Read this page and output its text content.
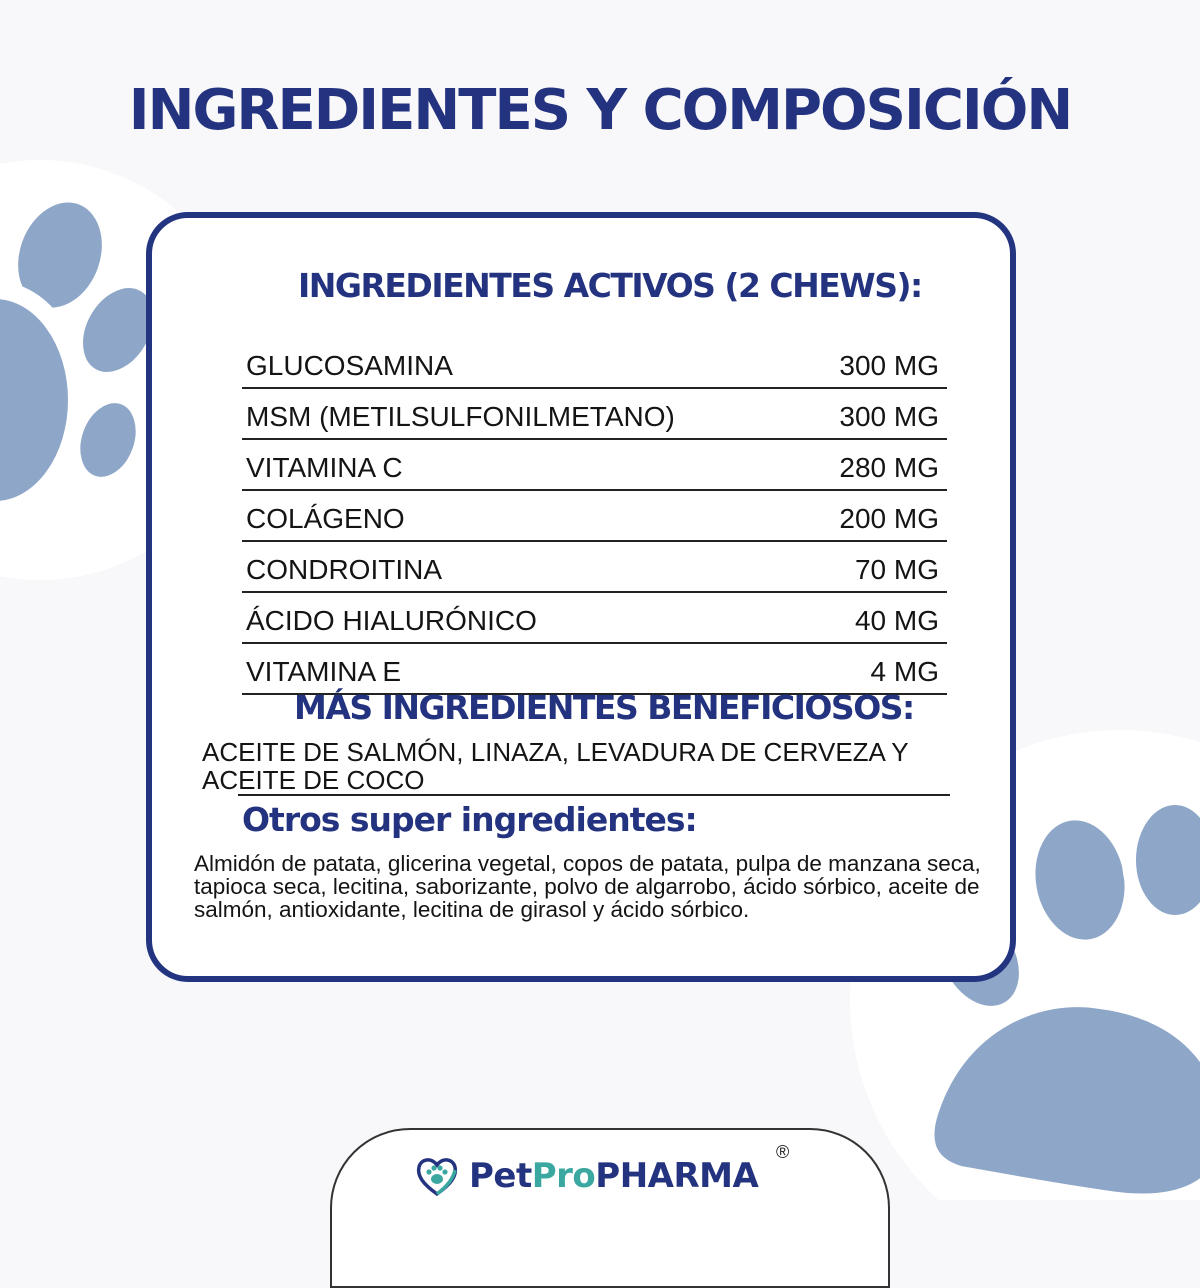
INGREDIENTES Y COMPOSICIÓN
INGREDIENTES ACTIVOS (2 CHEWS):
GLUCOSAMINA	300 MG
MSM (METILSULFONILMETANO)	300 MG
VITAMINA C	280 MG
COLÁGENO	200 MG
CONDROITINA	70 MG
ÁCIDO HIALURÓNICO	40 MG
VITAMINA E	4 MG
MÁS INGREDIENTES BENEFICIOSOS:
ACEITE DE SALMÓN, LINAZA, LEVADURA DE CERVEZA Y ACEITE DE COCO
Otros super ingredientes:
Almidón de patata, glicerina vegetal, copos de patata, pulpa de manzana seca, tapioca seca, lecitina, saborizante, polvo de algarrobo, ácido sórbico, aceite de salmón, antioxidante, lecitina de girasol y ácido sórbico.
PetProPHARMA
®
